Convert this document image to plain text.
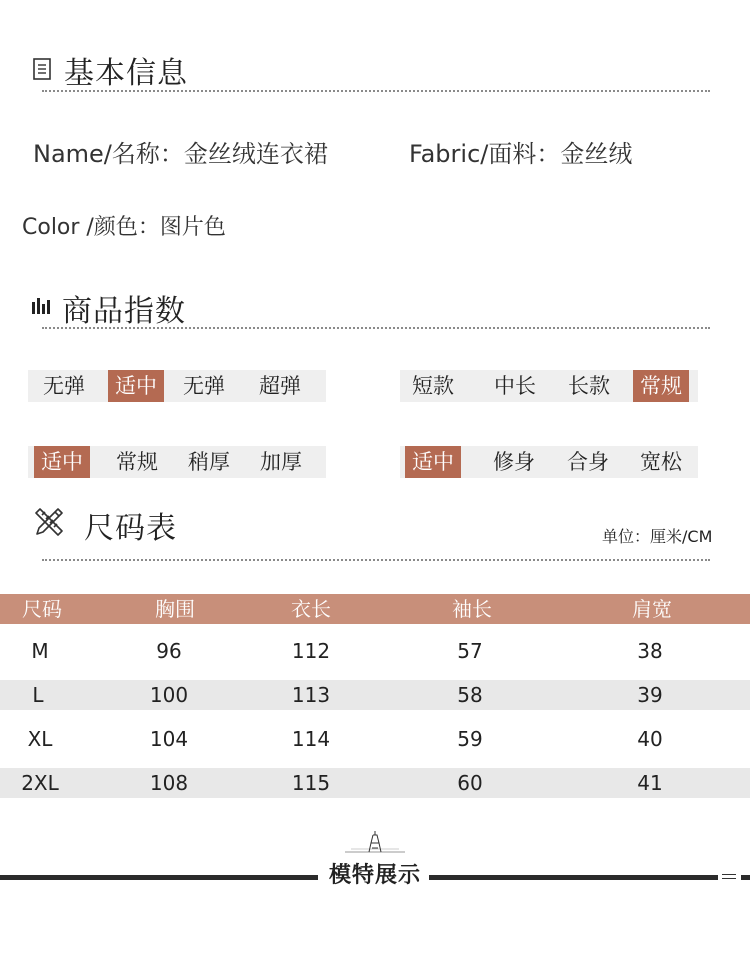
基本信息
Name/名称：金丝绒连衣裙	Fabric/面料：金丝绒
Color /颜色：图片色
商品指数
无弹	适中	无弹	超弹	短款	中长	长款	常规
适中	常规	稍厚	加厚	适中	修身	合身	宽松
尺码表	单位：厘米/CM
尺码	胸围	衣长	袖长	肩宽
M	96	112	57	38
L	100	113	58	39
XL	104	114	59	40
2XL	108	115	60	41
模特展示
